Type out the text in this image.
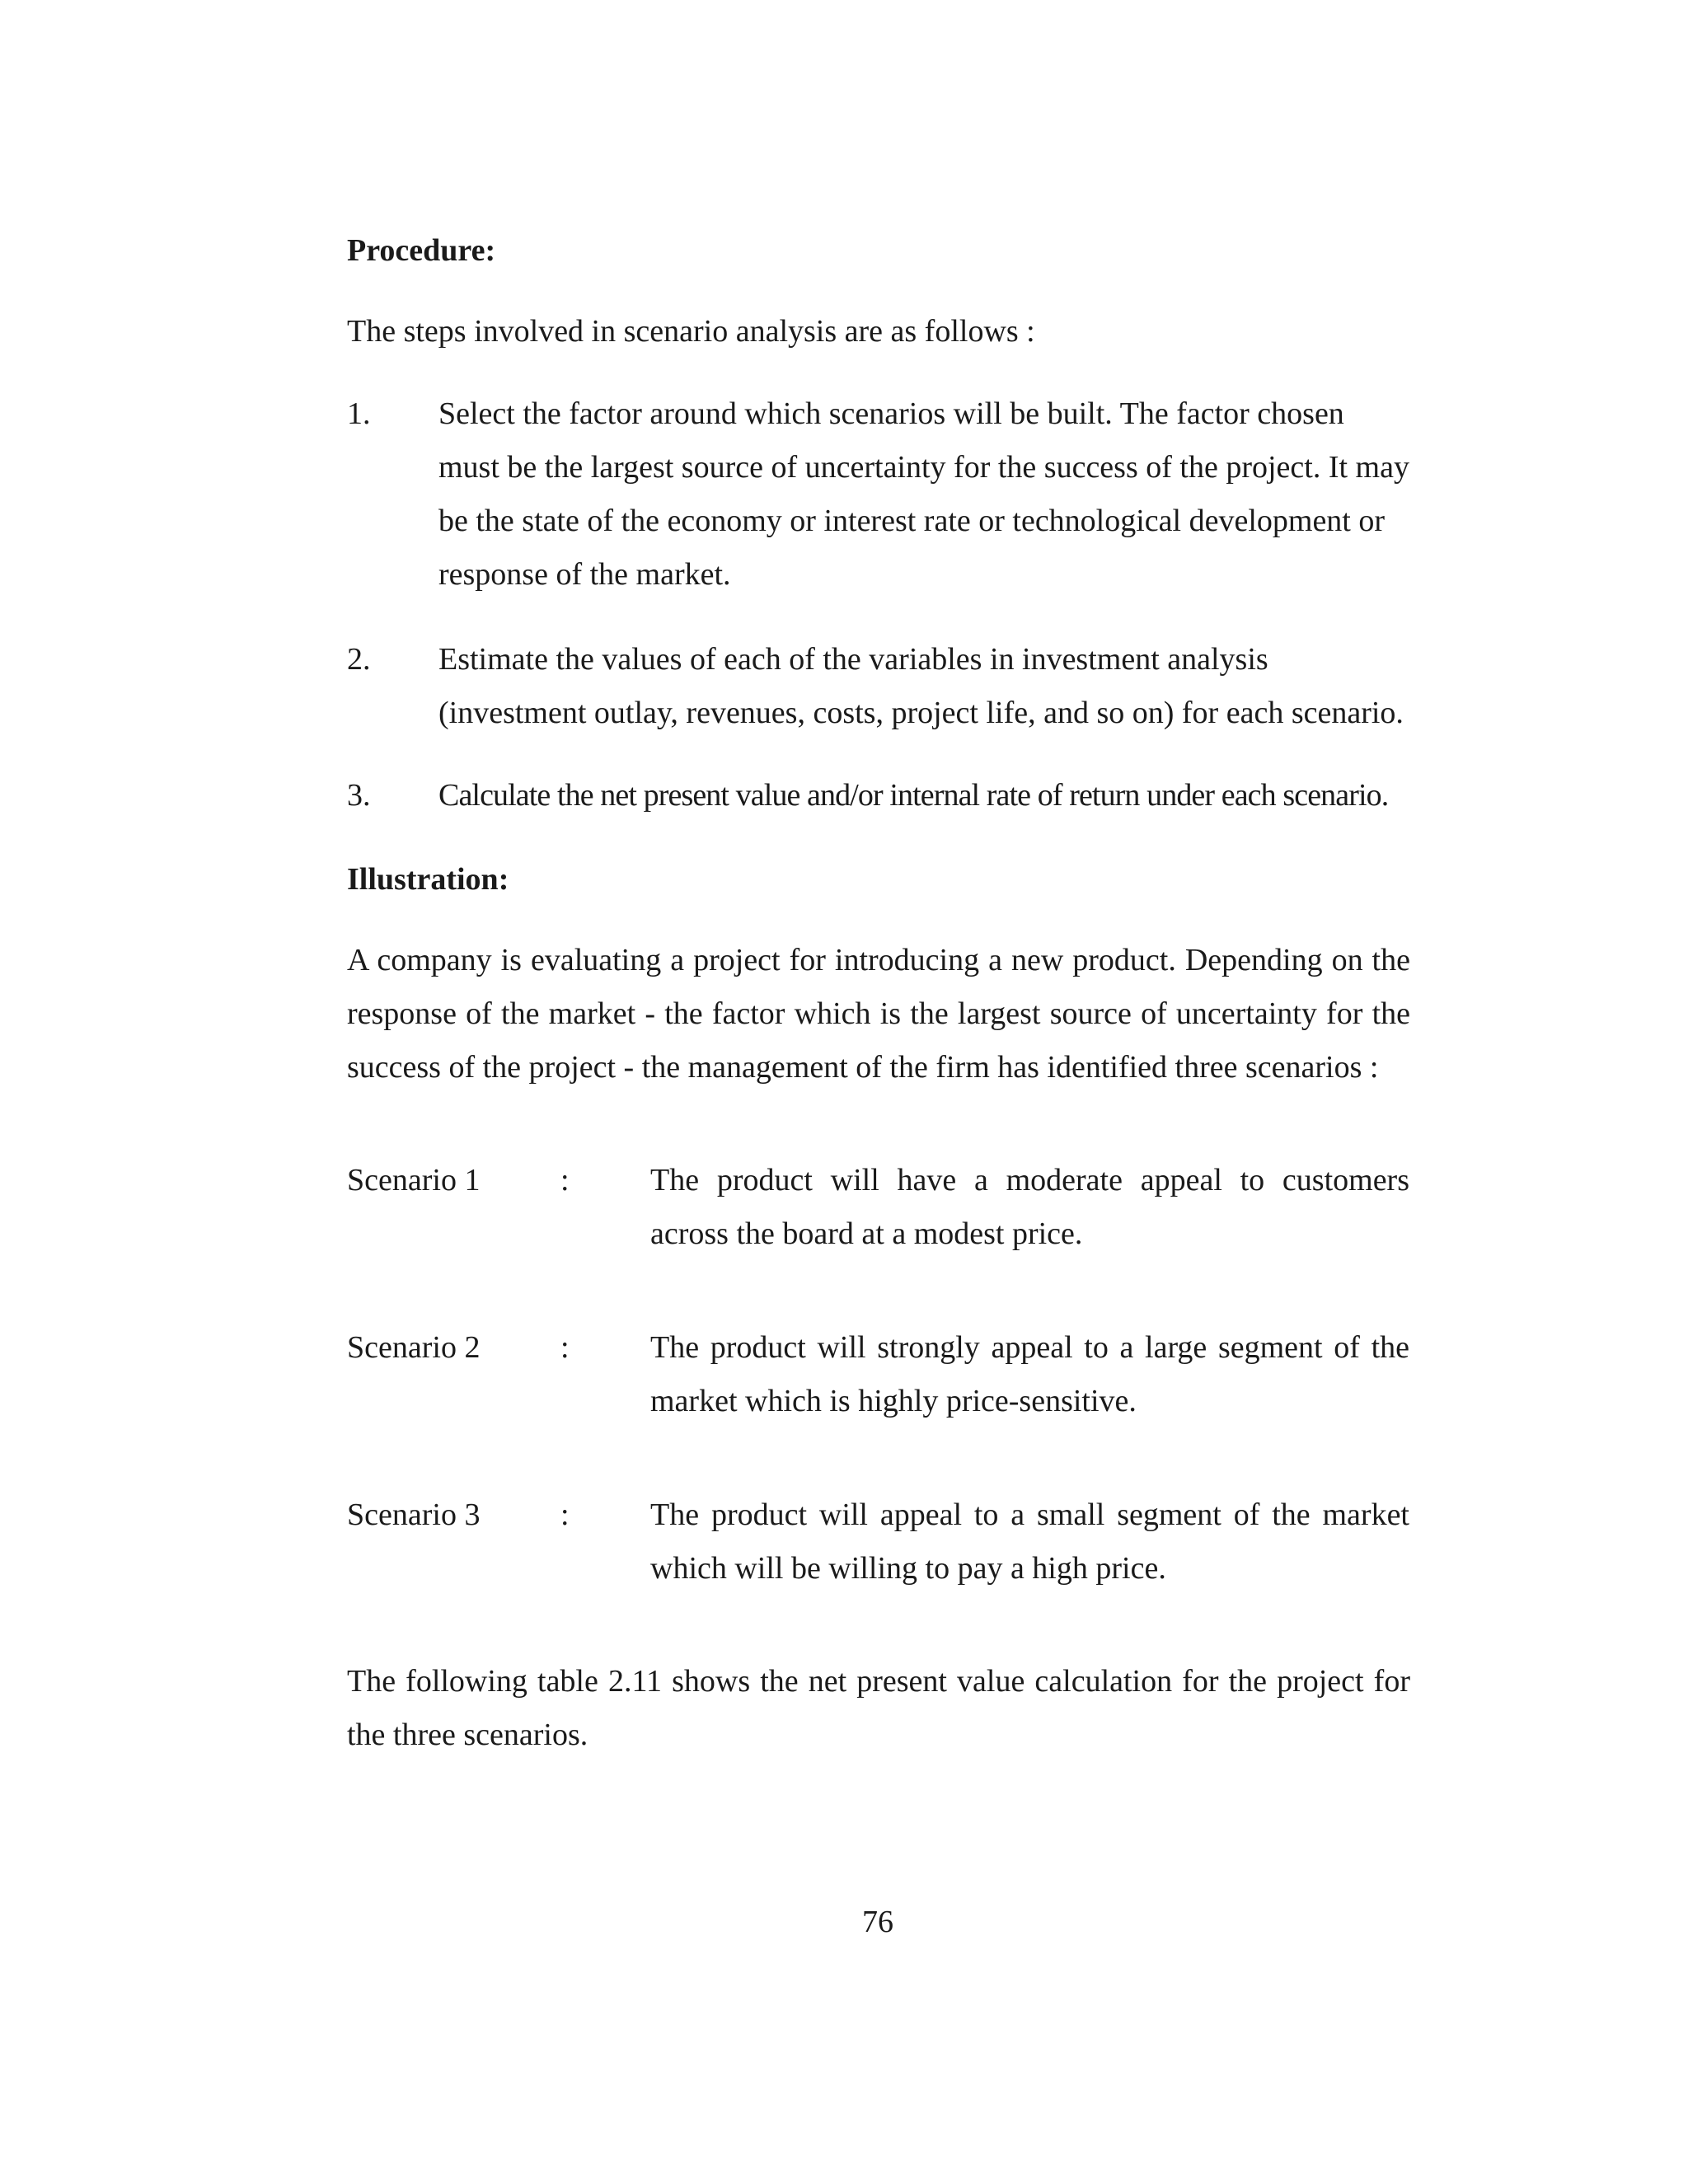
Procedure:
The steps involved in scenario analysis are as follows :
1. Select the factor around which scenarios will be built. The factor chosen must be the largest source of uncertainty for the success of the project. It may be the state of the economy or interest rate or technological development or response of the market.
2. Estimate the values of each of the variables in investment analysis (investment outlay, revenues, costs, project life, and so on) for each scenario.
3. Calculate the net present value and/or internal rate of return under each scenario.
Illustration:
A company is evaluating a project for introducing a new product. Depending on the response of the market - the factor which is the largest source of uncertainty for the success of the project - the management of the firm has identified three scenarios :
Scenario 1	:	The product will have a moderate appeal to customers across the board at a modest price.
Scenario 2	:	The product will strongly appeal to a large segment of the market which is highly price-sensitive.
Scenario 3	:	The product will appeal to a small segment of the market which will be willing to pay a high price.
The following table 2.11 shows the net present value calculation for the project for the three scenarios.
76
